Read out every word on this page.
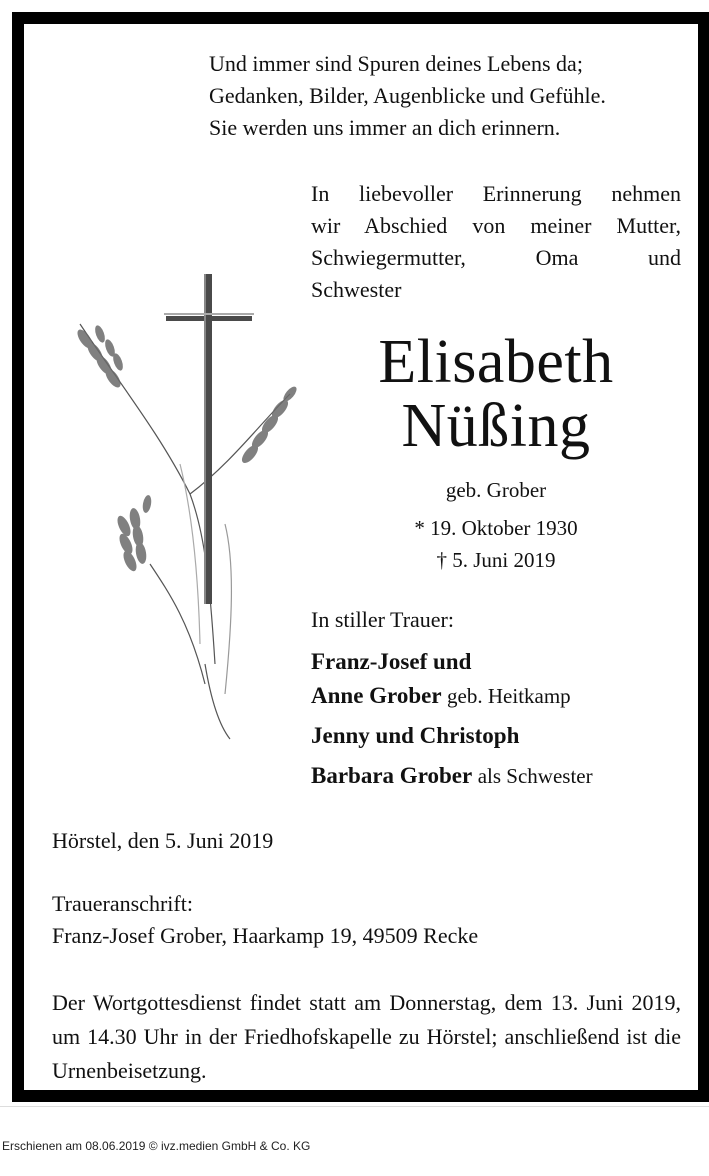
Und immer sind Spuren deines Lebens da;
Gedanken, Bilder, Augenblicke und Gefühle.
Sie werden uns immer an dich erinnern.
In liebevoller Erinnerung nehmen
wir Abschied von meiner Mutter,
Schwiegermutter, Oma und
Schwester
Elisabeth
Nüßing
geb. Grober
* 19. Oktober 1930
† 5. Juni 2019
In stiller Trauer:
Franz-Josef und
Anne Grober geb. Heitkamp
Jenny und Christoph
Barbara Grober als Schwester
Hörstel, den 5. Juni 2019
Traueranschrift:
Franz-Josef Grober, Haarkamp 19, 49509 Recke
Der Wortgottesdienst findet statt am Donnerstag, dem 13. Juni 2019, um 14.30 Uhr in der Friedhofskapelle zu Hörstel; anschließend ist die Urnenbeisetzung.
Erschienen am 08.06.2019 © ivz.medien GmbH & Co. KG
